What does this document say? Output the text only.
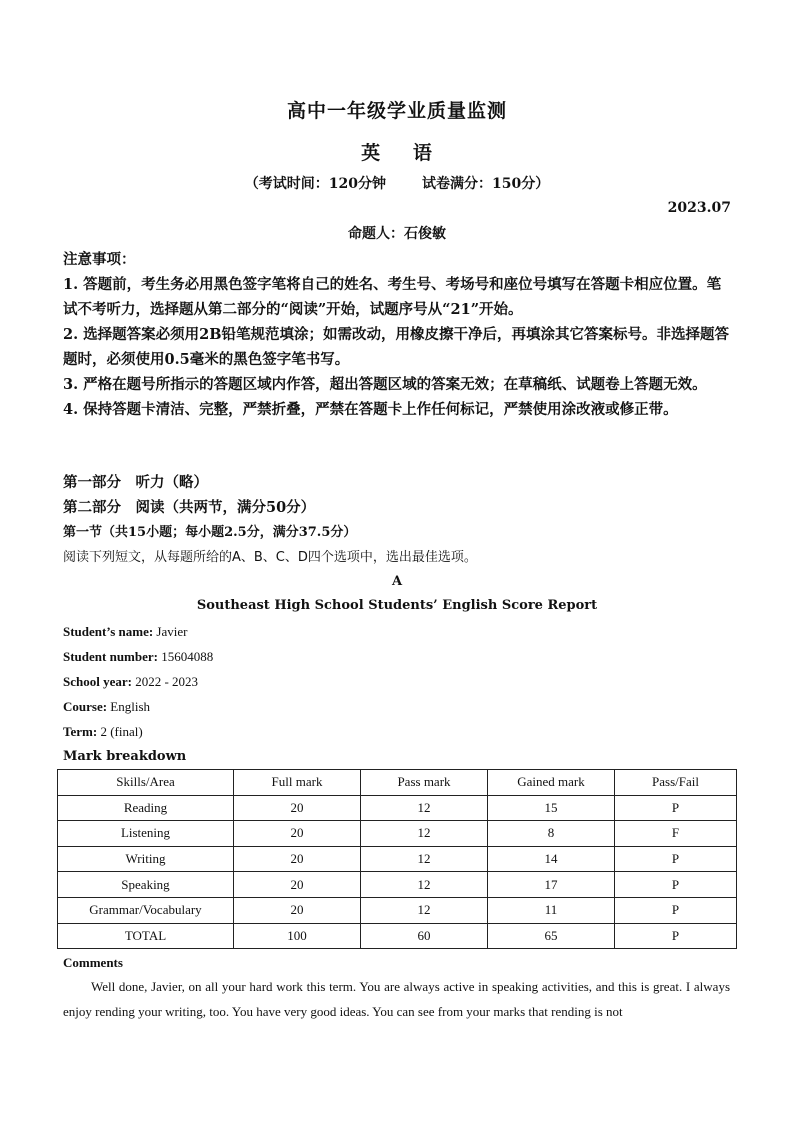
高中一年级学业质量监测
英 语
（考试时间：120分钟	试卷满分：150分）
2023.07
命题人：石俊敏

注意事项：

1. 答题前，考生务必用黑色签字笔将自己的姓名、考生号、考场号和座位号填写在答题卡相应位置。笔试不考听力，选择题从第二部分的“阅读”开始，试题序号从“21”开始。

2. 选择题答案必须用2B铅笔规范填涂；如需改动，用橡皮擦干净后，再填涂其它答案标号。非选择题答题时，必须使用0.5毫米的黑色签字笔书写。

3. 严格在题号所指示的答题区域内作答，超出答题区域的答案无效；在草稿纸、试题卷上答题无效。

4. 保持答题卡清洁、完整，严禁折叠，严禁在答题卡上作任何标记，严禁使用涂改液或修正带。

第一部分　听力（略）

第二部分　阅读（共两节，满分50分）

第一节（共15小题；每小题2.5分，满分37.5分）
阅读下列短文，从每题所给的A、B、C、D四个选项中，选出最佳选项。
A
Southeast High School Students’ English Score Report
Student’s name: Javier
Student number: 15604088
School year: 2022 - 2023
Course: English
Term: 2 (final)
Mark breakdown
Skills/Area	Full mark	Pass mark	Gained mark	Pass/Fail
Reading	20	12	15	P
Listening	20	12	8	F
Writing	20	12	14	P
Speaking	20	12	17	P
Grammar/Vocabulary	20	12	11	P
TOTAL	100	60	65	P
Comments
Well done, Javier, on all your hard work this term. You are always active in speaking activities, and this is great. I always enjoy rending your writing, too. You have very good ideas. You can see from your marks that rending is not
